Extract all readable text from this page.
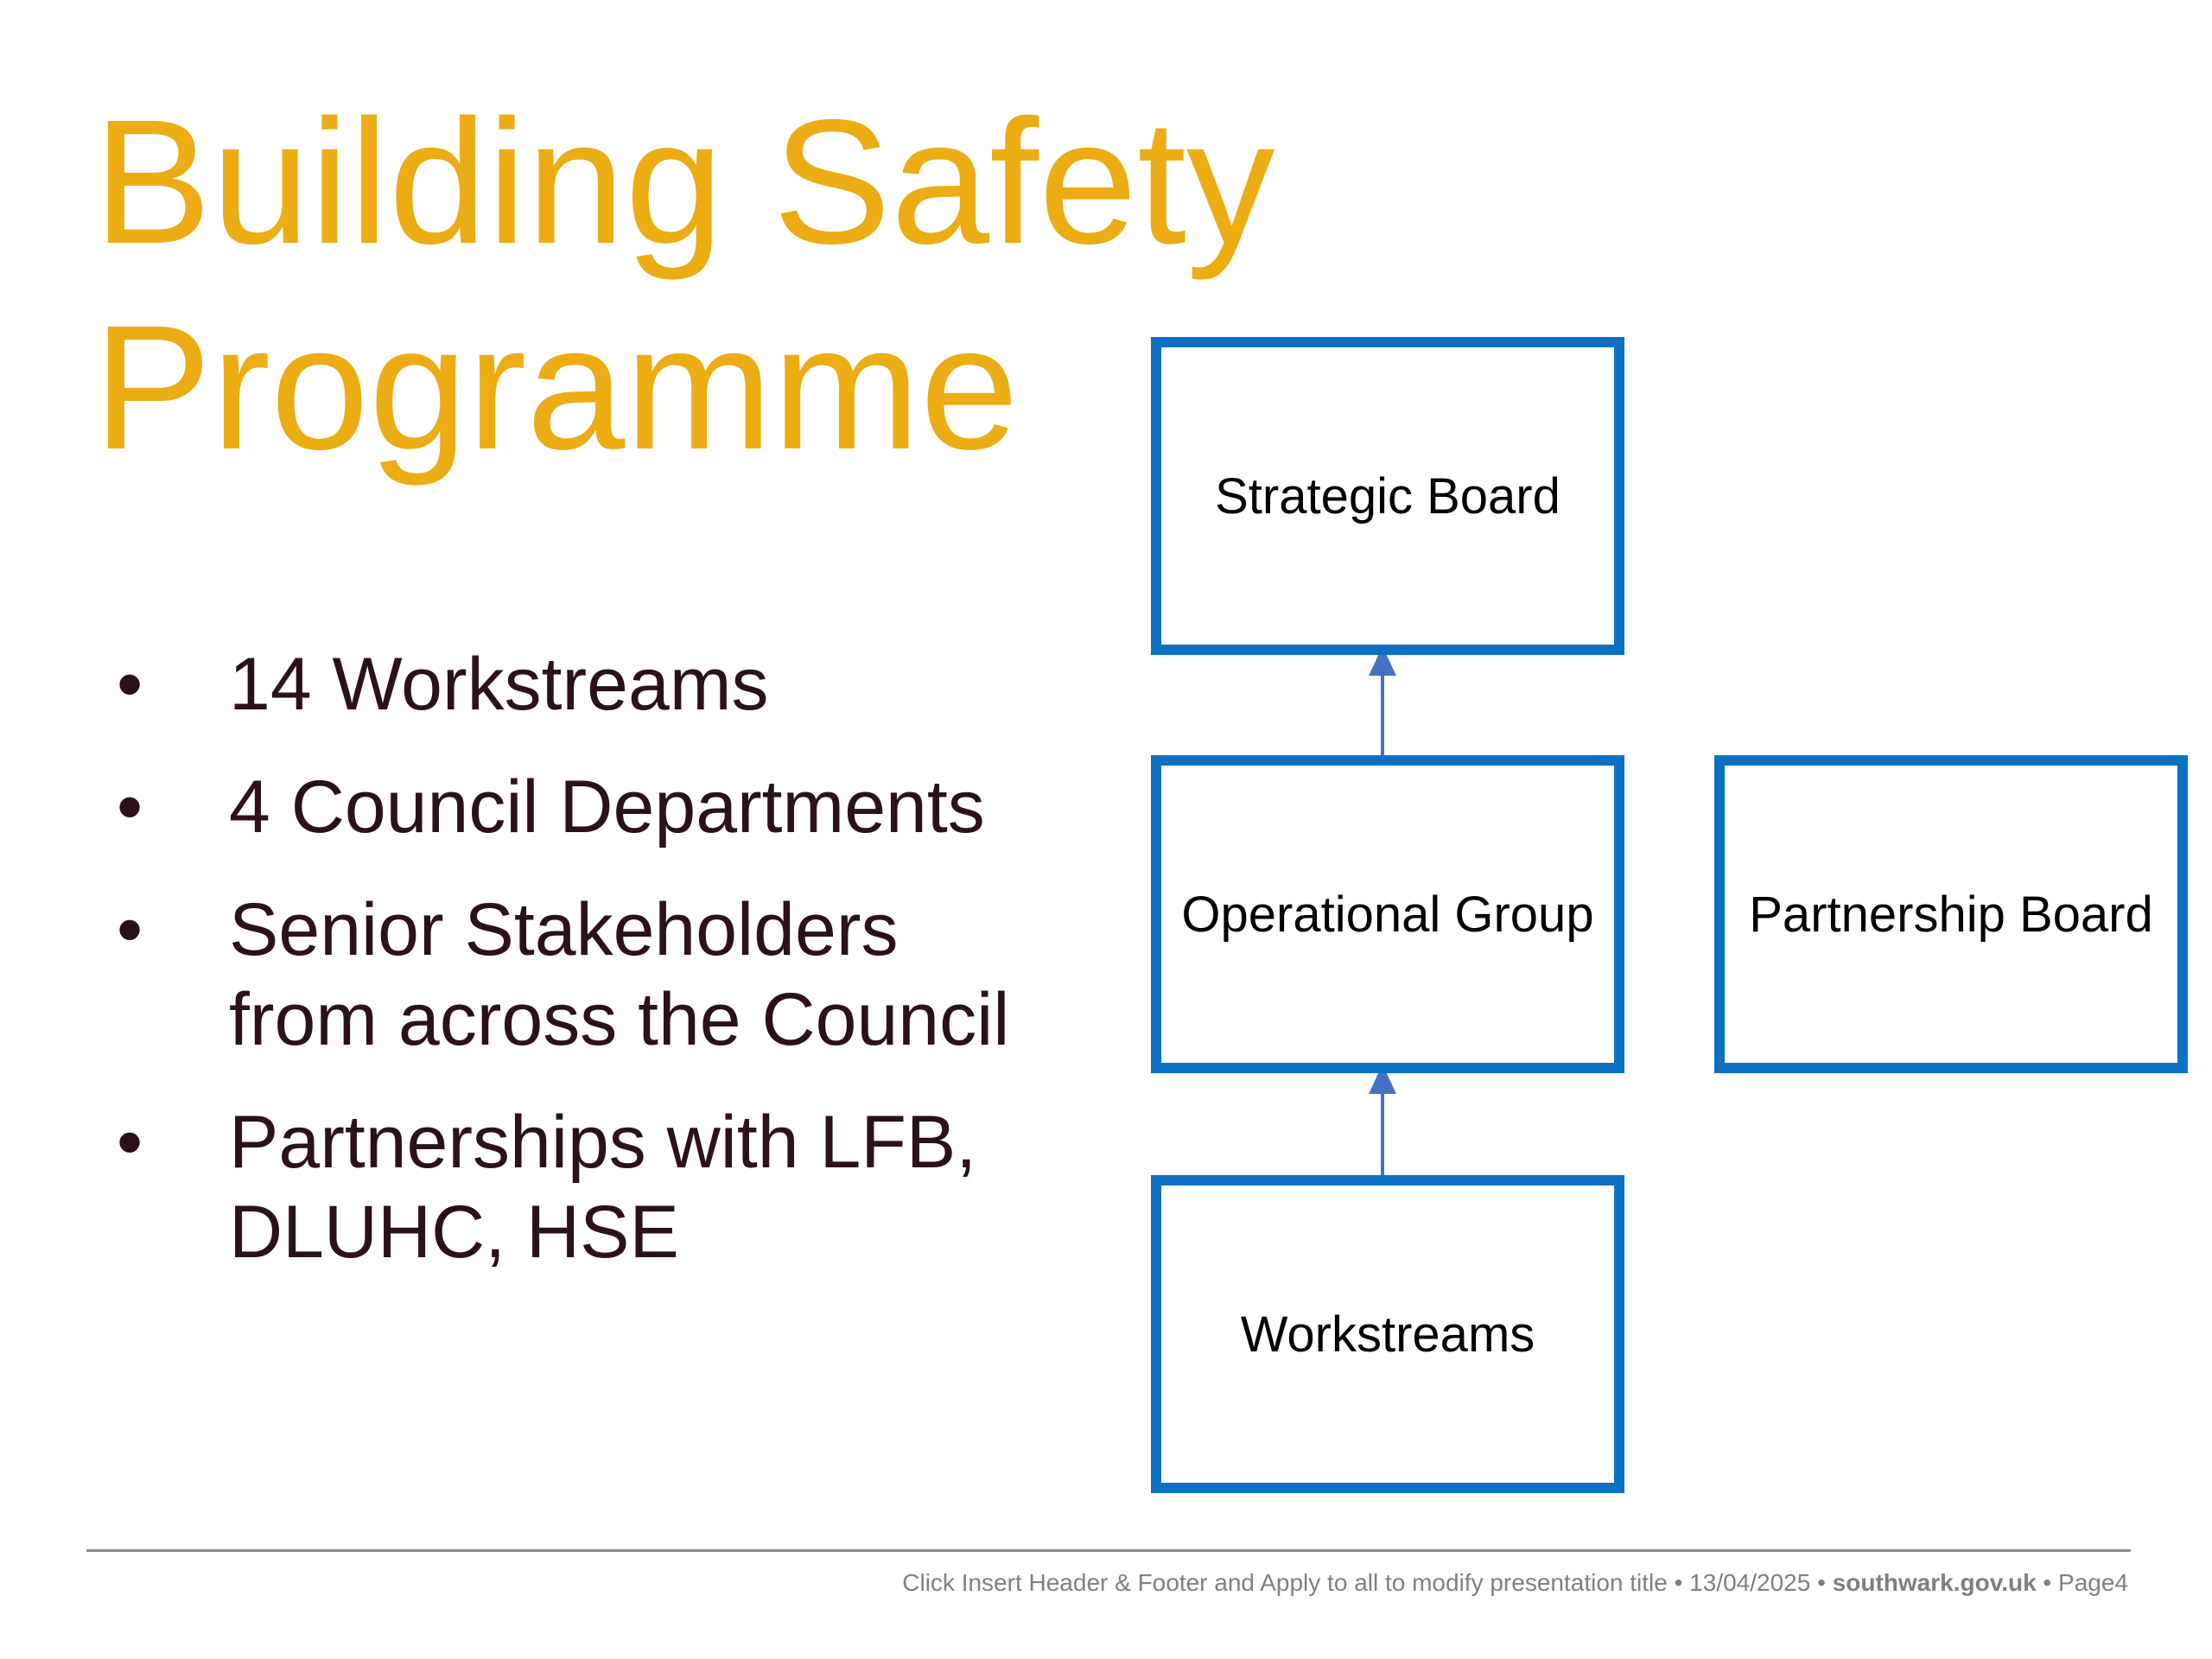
Building Safety
Programme
• 14 Workstreams
• 4 Council Departments
• Senior Stakeholders from across the Council
• Partnerships with LFB, DLUHC, HSE
Strategic Board
Operational Group	Partnership Board
Workstreams
Click Insert Header & Footer and Apply to all to modify presentation title • 13/04/2025 • southwark.gov.uk • Page4
